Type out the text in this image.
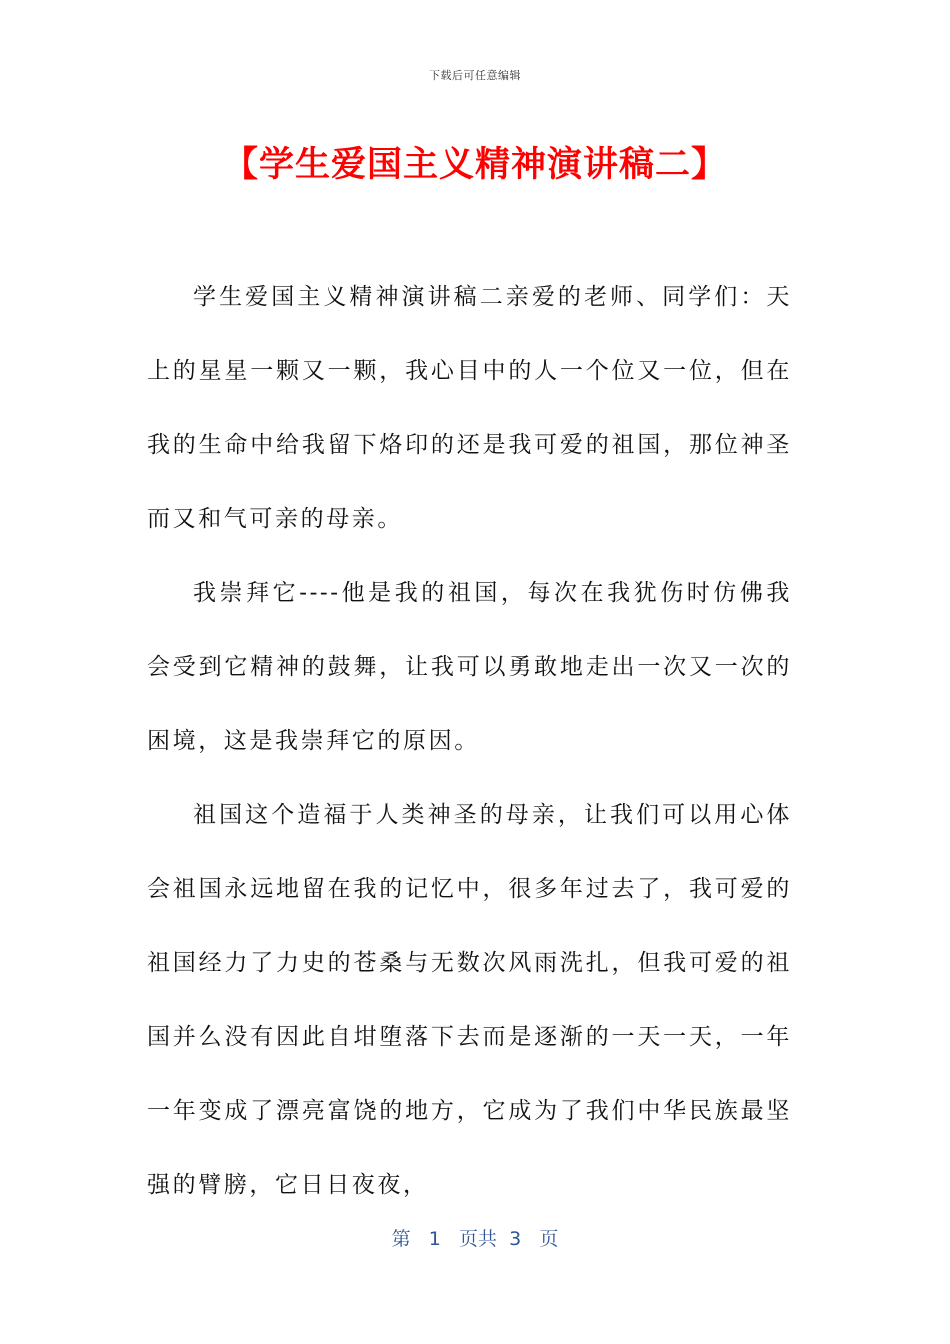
下载后可任意编辑
【学生爱国主义精神演讲稿二】

学生爱国主义精神演讲稿二亲爱的老师、同学们：天上的星星一颗又一颗，我心目中的人一个位又一位，但在我的生命中给我留下烙印的还是我可爱的祖国，那位神圣而又和气可亲的母亲。

我崇拜它----他是我的祖国，每次在我犹伤时仿佛我会受到它精神的鼓舞，让我可以勇敢地走出一次又一次的困境，这是我崇拜它的原因。

祖国这个造福于人类神圣的母亲，让我们可以用心体会祖国永远地留在我的记忆中，很多年过去了，我可爱的祖国经力了力史的苍桑与无数次风雨洗扎，但我可爱的祖国并么没有因此自坩堕落下去而是逐渐的一天一天，一年一年变成了漂亮富饶的地方，它成为了我们中华民族最坚强的臂膀，它日日夜夜，

第 1 页共 3 页
